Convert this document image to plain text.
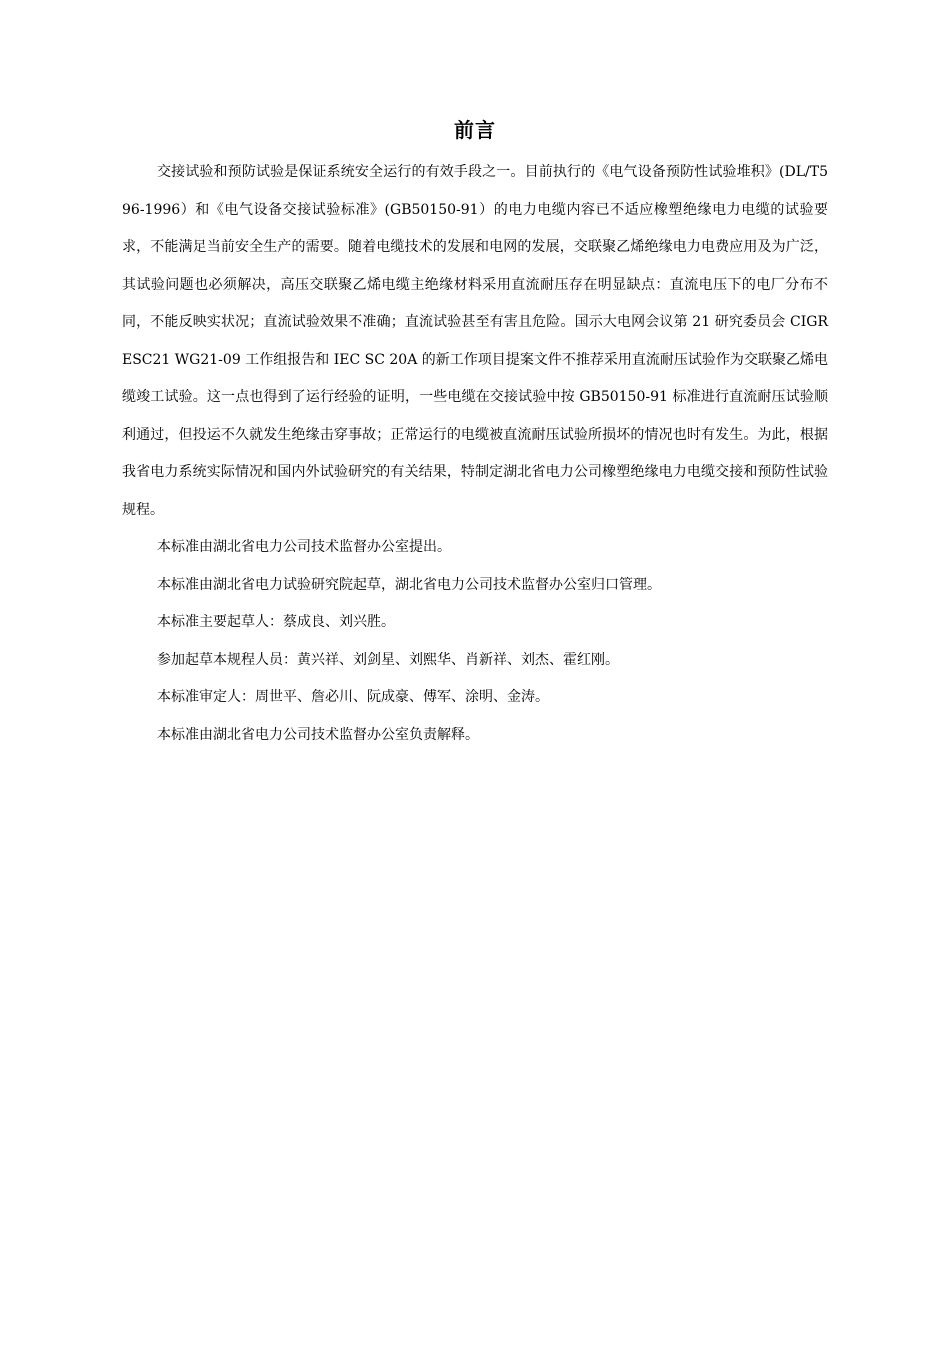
前言

交接试验和预防试验是保证系统安全运行的有效手段之一。目前执行的《电气设备预防性试验堆积》(DL/T596-1996）和《电气设备交接试验标准》(GB50150-91）的电力电缆内容已不适应橡塑绝缘电力电缆的试验要求，不能满足当前安全生产的需要。随着电缆技术的发展和电网的发展，交联聚乙烯绝缘电力电费应用及为广泛，其试验问题也必须解决，高压交联聚乙烯电缆主绝缘材料采用直流耐压存在明显缺点：直流电压下的电厂分布不同，不能反映实状况；直流试验效果不准确；直流试验甚至有害且危险。国示大电网会议第 21 研究委员会 CIGRESC21 WG21-09 工作组报告和 IEC SC 20A 的新工作项目提案文件不推荐采用直流耐压试验作为交联聚乙烯电缆竣工试验。这一点也得到了运行经验的证明，一些电缆在交接试验中按 GB50150-91 标准进行直流耐压试验顺利通过，但投运不久就发生绝缘击穿事故；正常运行的电缆被直流耐压试验所损坏的情况也时有发生。为此，根据我省电力系统实际情况和国内外试验研究的有关结果，特制定湖北省电力公司橡塑绝缘电力电缆交接和预防性试验规程。

本标准由湖北省电力公司技术监督办公室提出。

本标准由湖北省电力试验研究院起草，湖北省电力公司技术监督办公室归口管理。

本标准主要起草人：蔡成良、刘兴胜。

参加起草本规程人员：黄兴祥、刘剑星、刘熙华、肖新祥、刘杰、霍红刚。

本标准审定人：周世平、詹必川、阮成豪、傅军、涂明、金涛。

本标准由湖北省电力公司技术监督办公室负责解释。
